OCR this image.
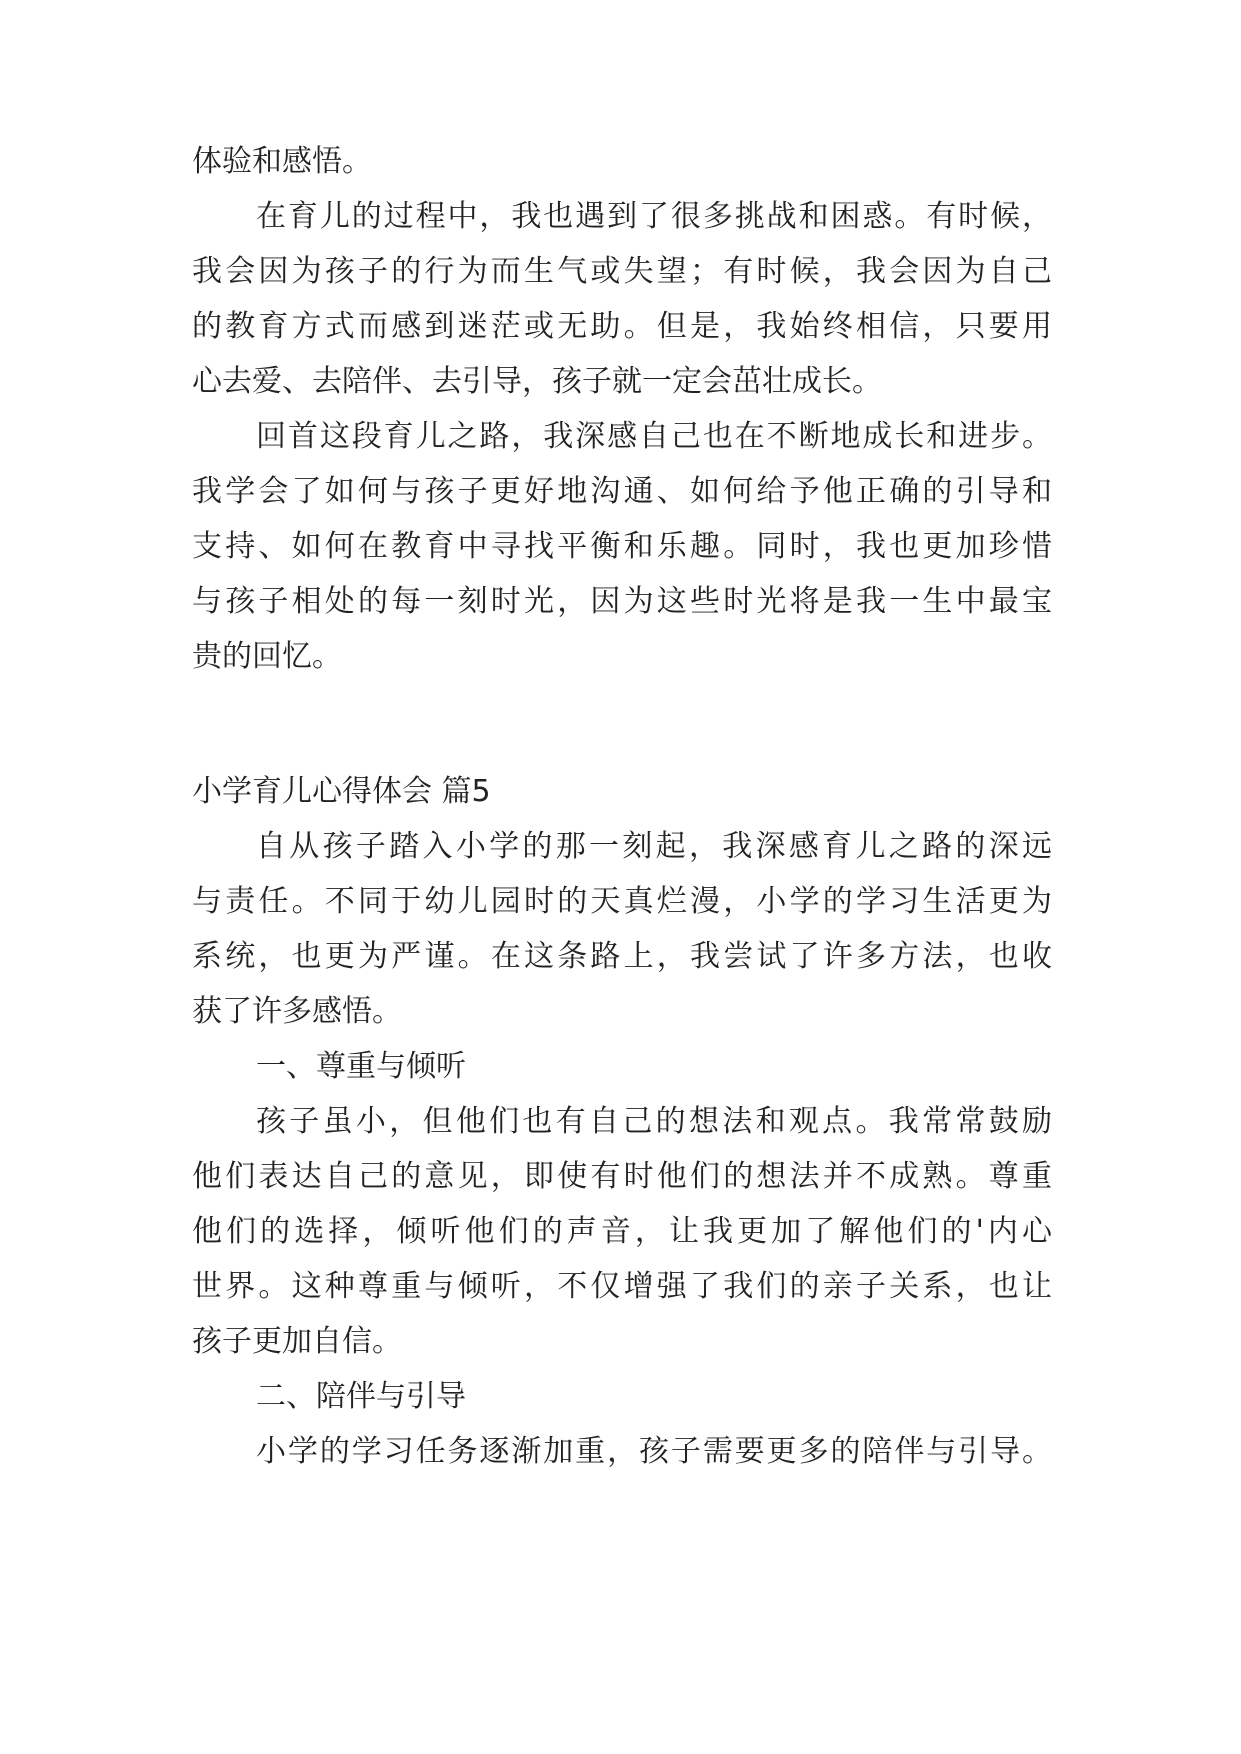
体验和感悟。
在育儿的过程中，我也遇到了很多挑战和困惑。有时候，
我会因为孩子的行为而生气或失望；有时候，我会因为自己
的教育方式而感到迷茫或无助。但是，我始终相信，只要用
心去爱、去陪伴、去引导，孩子就一定会茁壮成长。
回首这段育儿之路，我深感自己也在不断地成长和进步。
我学会了如何与孩子更好地沟通、如何给予他正确的引导和
支持、如何在教育中寻找平衡和乐趣。同时，我也更加珍惜
与孩子相处的每一刻时光，因为这些时光将是我一生中最宝
贵的回忆。
小学育儿心得体会 篇5
自从孩子踏入小学的那一刻起，我深感育儿之路的深远
与责任。不同于幼儿园时的天真烂漫，小学的学习生活更为
系统，也更为严谨。在这条路上，我尝试了许多方法，也收
获了许多感悟。
一、尊重与倾听
孩子虽小，但他们也有自己的想法和观点。我常常鼓励
他们表达自己的意见，即使有时他们的想法并不成熟。尊重
他们的选择，倾听他们的声音，让我更加了解他们的'内心
世界。这种尊重与倾听，不仅增强了我们的亲子关系，也让
孩子更加自信。
二、陪伴与引导
小学的学习任务逐渐加重，孩子需要更多的陪伴与引导。
